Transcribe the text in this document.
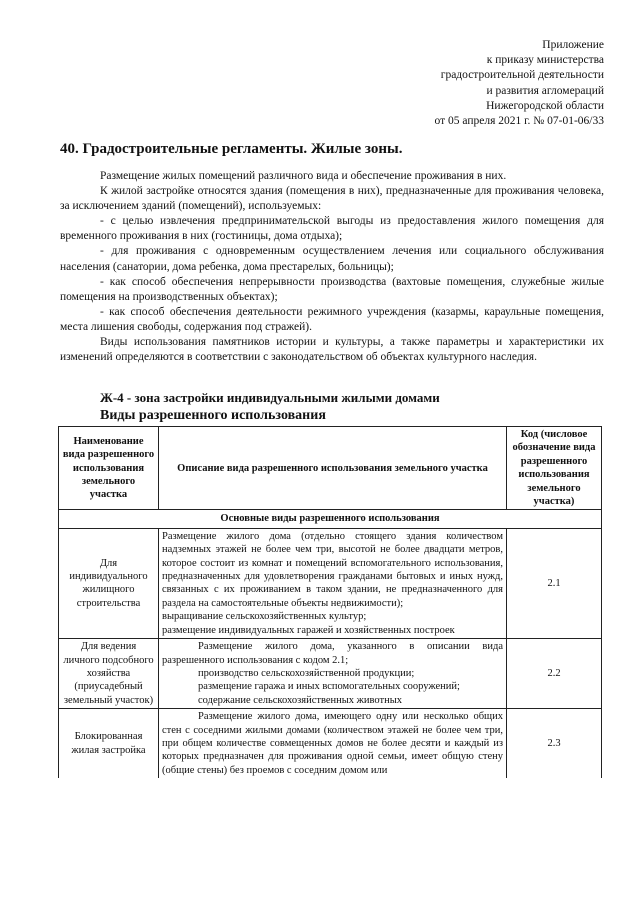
Приложение
к приказу министерства
градостроительной деятельности
и развития агломераций
Нижегородской области
от 05 апреля 2021 г. № 07-01-06/33
40. Градостроительные регламенты. Жилые зоны.

Размещение жилых помещений различного вида и обеспечение проживания в них.

К жилой застройке относятся здания (помещения в них), предназначенные для проживания человека, за исключением зданий (помещений), используемых:

- с целью извлечения предпринимательской выгоды из предоставления жилого помещения для временного проживания в них (гостиницы, дома отдыха);

- для проживания с одновременным осуществлением лечения или социального обслуживания населения (санатории, дома ребенка, дома престарелых, больницы);

- как способ обеспечения непрерывности производства (вахтовые помещения, служебные жилые помещения на производственных объектах);

- как способ обеспечения деятельности режимного учреждения (казармы, караульные помещения, места лишения свободы, содержания под стражей).

Виды использования памятников истории и культуры, а также параметры и характеристики их изменений определяются в соответствии с законодательством об объектах культурного наследия.

Ж-4 - зона застройки индивидуальными жилыми домами
Виды разрешенного использования
Наименование вида разрешенного использования земельного участка	Описание вида разрешенного использования земельного участка	Код (числовое обозначение вида разрешенного использования земельного участка)
Основные виды разрешенного использования		
Для индивидуального жилищного строительства	Размещение жилого дома (отдельно стоящего здания количеством надземных этажей не более чем три, высотой не более двадцати метров, которое состоит из комнат и помещений вспомогательного использования, предназначенных для удовлетворения гражданами бытовых и иных нужд, связанных с их проживанием в таком здании, не предназначенного для раздела на самостоятельные объекты недвижимости);
выращивание сельскохозяйственных культур;
размещение индивидуальных гаражей и хозяйственных построек	2.1
Для ведения личного подсобного хозяйства (приусадебный земельный участок)	Размещение жилого дома, указанного в описании вида разрешенного использования с кодом 2.1;
производство сельскохозяйственной продукции;
размещение гаража и иных вспомогательных сооружений;
содержание сельскохозяйственных животных	2.2
Блокированная жилая застройка	Размещение жилого дома, имеющего одну или несколько общих стен с соседними жилыми домами (количеством этажей не более чем три, при общем количестве совмещенных домов не более десяти и каждый из которых предназначен для проживания одной семьи, имеет общую стену (общие стены) без проемов с соседним домом или	2.3
